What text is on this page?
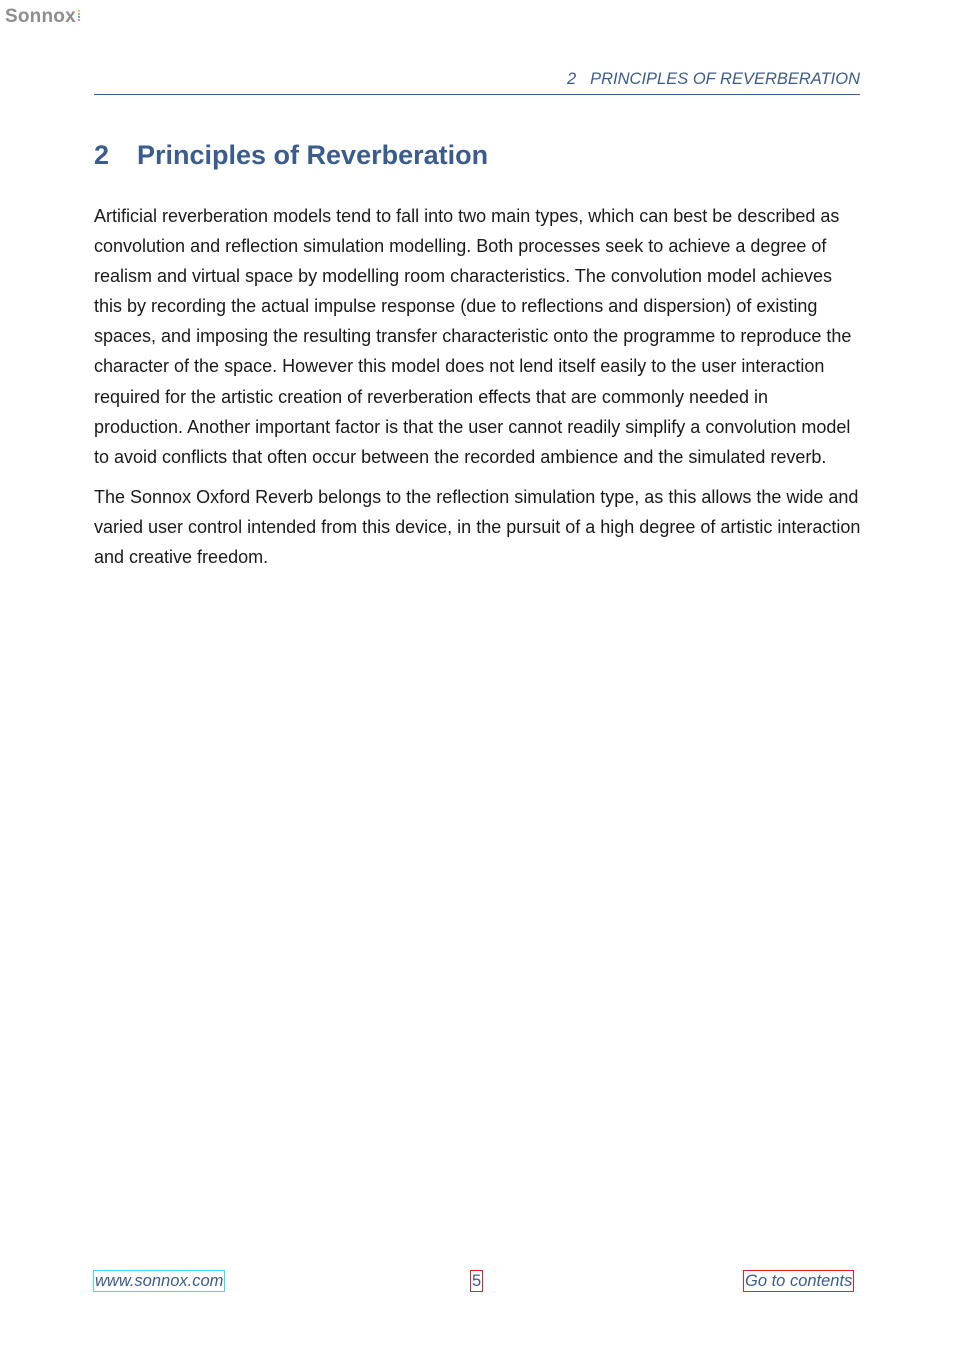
Sonnox
2 PRINCIPLES OF REVERBERATION
2 Principles of Reverberation

Artificial reverberation models tend to fall into two main types, which can best be described as convolution and reflection simulation modelling. Both processes seek to achieve a degree of realism and virtual space by modelling room characteristics. The convolution model achieves this by recording the actual impulse response (due to reflections and dispersion) of existing spaces, and imposing the resulting transfer characteristic onto the programme to reproduce the character of the space. However this model does not lend itself easily to the user interaction required for the artistic creation of reverberation effects that are commonly needed in production. Another important factor is that the user cannot readily simplify a convolution model to avoid conflicts that often occur between the recorded ambience and the simulated reverb.

The Sonnox Oxford Reverb belongs to the reflection simulation type, as this allows the wide and varied user control intended from this device, in the pursuit of a high degree of artistic interaction and creative freedom.

www.sonnox.com	5	Go to contents
